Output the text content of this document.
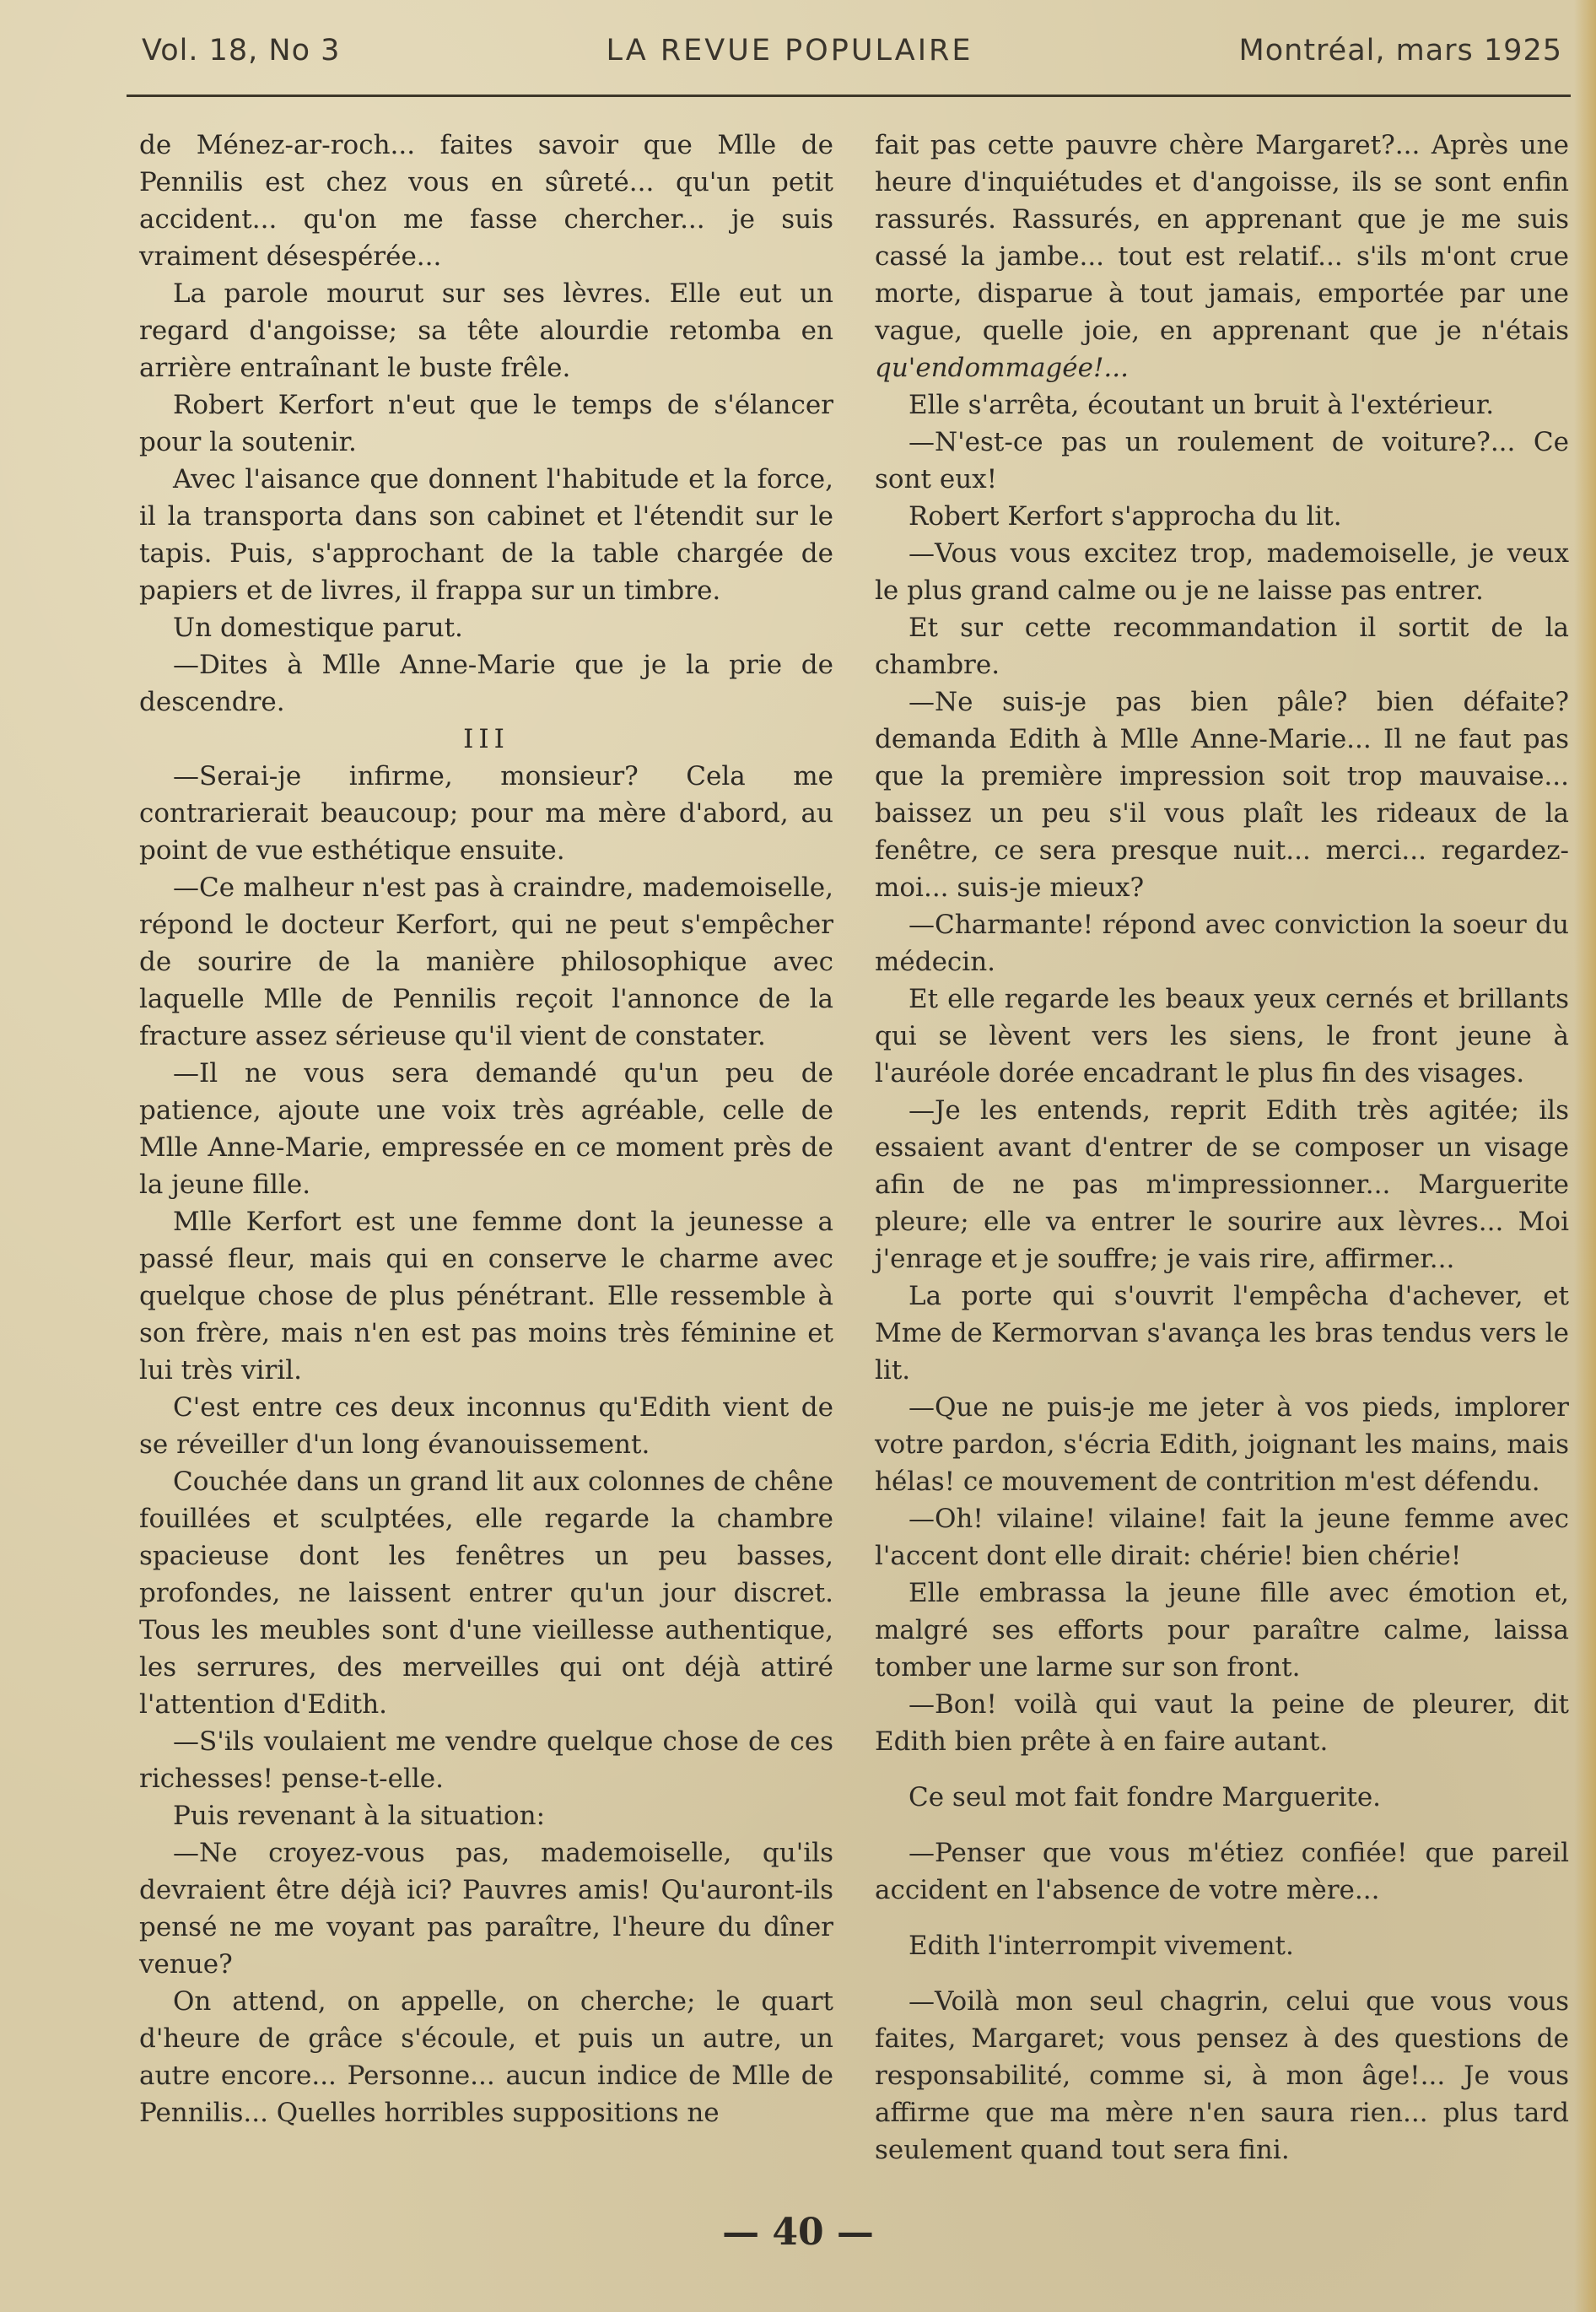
Vol. 18, No 3	LA REVUE POPULAIRE	Montréal, mars 1925

de Ménez-ar-roch... faites savoir que Mlle de Pennilis est chez vous en sûreté... qu'un petit accident... qu'on me fasse chercher... je suis vraiment désespérée...

La parole mourut sur ses lèvres. Elle eut un regard d'angoisse; sa tête alourdie retomba en arrière entraînant le buste frêle.

Robert Kerfort n'eut que le temps de s'élancer pour la soutenir.

Avec l'aisance que donnent l'habitude et la force, il la transporta dans son cabinet et l'étendit sur le tapis. Puis, s'approchant de la table chargée de papiers et de livres, il frappa sur un timbre.

Un domestique parut.

—Dites à Mlle Anne-Marie que je la prie de descendre.

III

—Serai-je infirme, monsieur? Cela me contrarierait beaucoup; pour ma mère d'abord, au point de vue esthétique ensuite.

—Ce malheur n'est pas à craindre, mademoiselle, répond le docteur Kerfort, qui ne peut s'empêcher de sourire de la manière philosophique avec laquelle Mlle de Pennilis reçoit l'annonce de la fracture assez sérieuse qu'il vient de constater.

—Il ne vous sera demandé qu'un peu de patience, ajoute une voix très agréable, celle de Mlle Anne-Marie, empressée en ce moment près de la jeune fille.

Mlle Kerfort est une femme dont la jeunesse a passé fleur, mais qui en conserve le charme avec quelque chose de plus pénétrant. Elle ressemble à son frère, mais n'en est pas moins très féminine et lui très viril.

C'est entre ces deux inconnus qu'Edith vient de se réveiller d'un long évanouissement.

Couchée dans un grand lit aux colonnes de chêne fouillées et sculptées, elle regarde la chambre spacieuse dont les fenêtres un peu basses, profondes, ne laissent entrer qu'un jour discret. Tous les meubles sont d'une vieillesse authentique, les serrures, des merveilles qui ont déjà attiré l'attention d'Edith.

—S'ils voulaient me vendre quelque chose de ces richesses! pense-t-elle.

Puis revenant à la situation:

—Ne croyez-vous pas, mademoiselle, qu'ils devraient être déjà ici? Pauvres amis! Qu'auront-ils pensé ne me voyant pas paraître, l'heure du dîner venue?

On attend, on appelle, on cherche; le quart d'heure de grâce s'écoule, et puis un autre, un autre encore... Personne... aucun indice de Mlle de Pennilis... Quelles horribles suppositions ne

fait pas cette pauvre chère Margaret?... Après une heure d'inquiétudes et d'angoisse, ils se sont enfin rassurés. Rassurés, en apprenant que je me suis cassé la jambe... tout est relatif... s'ils m'ont crue morte, disparue à tout jamais, emportée par une vague, quelle joie, en apprenant que je n'étais qu'endommagée!...

Elle s'arrêta, écoutant un bruit à l'extérieur.

—N'est-ce pas un roulement de voiture?... Ce sont eux!

Robert Kerfort s'approcha du lit.

—Vous vous excitez trop, mademoiselle, je veux le plus grand calme ou je ne laisse pas entrer.

Et sur cette recommandation il sortit de la chambre.

—Ne suis-je pas bien pâle? bien défaite? demanda Edith à Mlle Anne-Marie... Il ne faut pas que la première impression soit trop mauvaise... baissez un peu s'il vous plaît les rideaux de la fenêtre, ce sera presque nuit... merci... regardez-moi... suis-je mieux?

—Charmante! répond avec conviction la soeur du médecin.

Et elle regarde les beaux yeux cernés et brillants qui se lèvent vers les siens, le front jeune à l'auréole dorée encadrant le plus fin des visages.

—Je les entends, reprit Edith très agitée; ils essaient avant d'entrer de se composer un visage afin de ne pas m'impressionner... Marguerite pleure; elle va entrer le sourire aux lèvres... Moi j'enrage et je souffre; je vais rire, affirmer...

La porte qui s'ouvrit l'empêcha d'achever, et Mme de Kermorvan s'avança les bras tendus vers le lit.

—Que ne puis-je me jeter à vos pieds, implorer votre pardon, s'écria Edith, joignant les mains, mais hélas! ce mouvement de contrition m'est défendu.

—Oh! vilaine! vilaine! fait la jeune femme avec l'accent dont elle dirait: chérie! bien chérie!

Elle embrassa la jeune fille avec émotion et, malgré ses efforts pour paraître calme, laissa tomber une larme sur son front.

—Bon! voilà qui vaut la peine de pleurer, dit Edith bien prête à en faire autant.

Ce seul mot fait fondre Marguerite.

—Penser que vous m'étiez confiée! que pareil accident en l'absence de votre mère...

Edith l'interrompit vivement.

—Voilà mon seul chagrin, celui que vous vous faites, Margaret; vous pensez à des questions de responsabilité, comme si, à mon âge!... Je vous affirme que ma mère n'en saura rien... plus tard seulement quand tout sera fini.

— 40 —
